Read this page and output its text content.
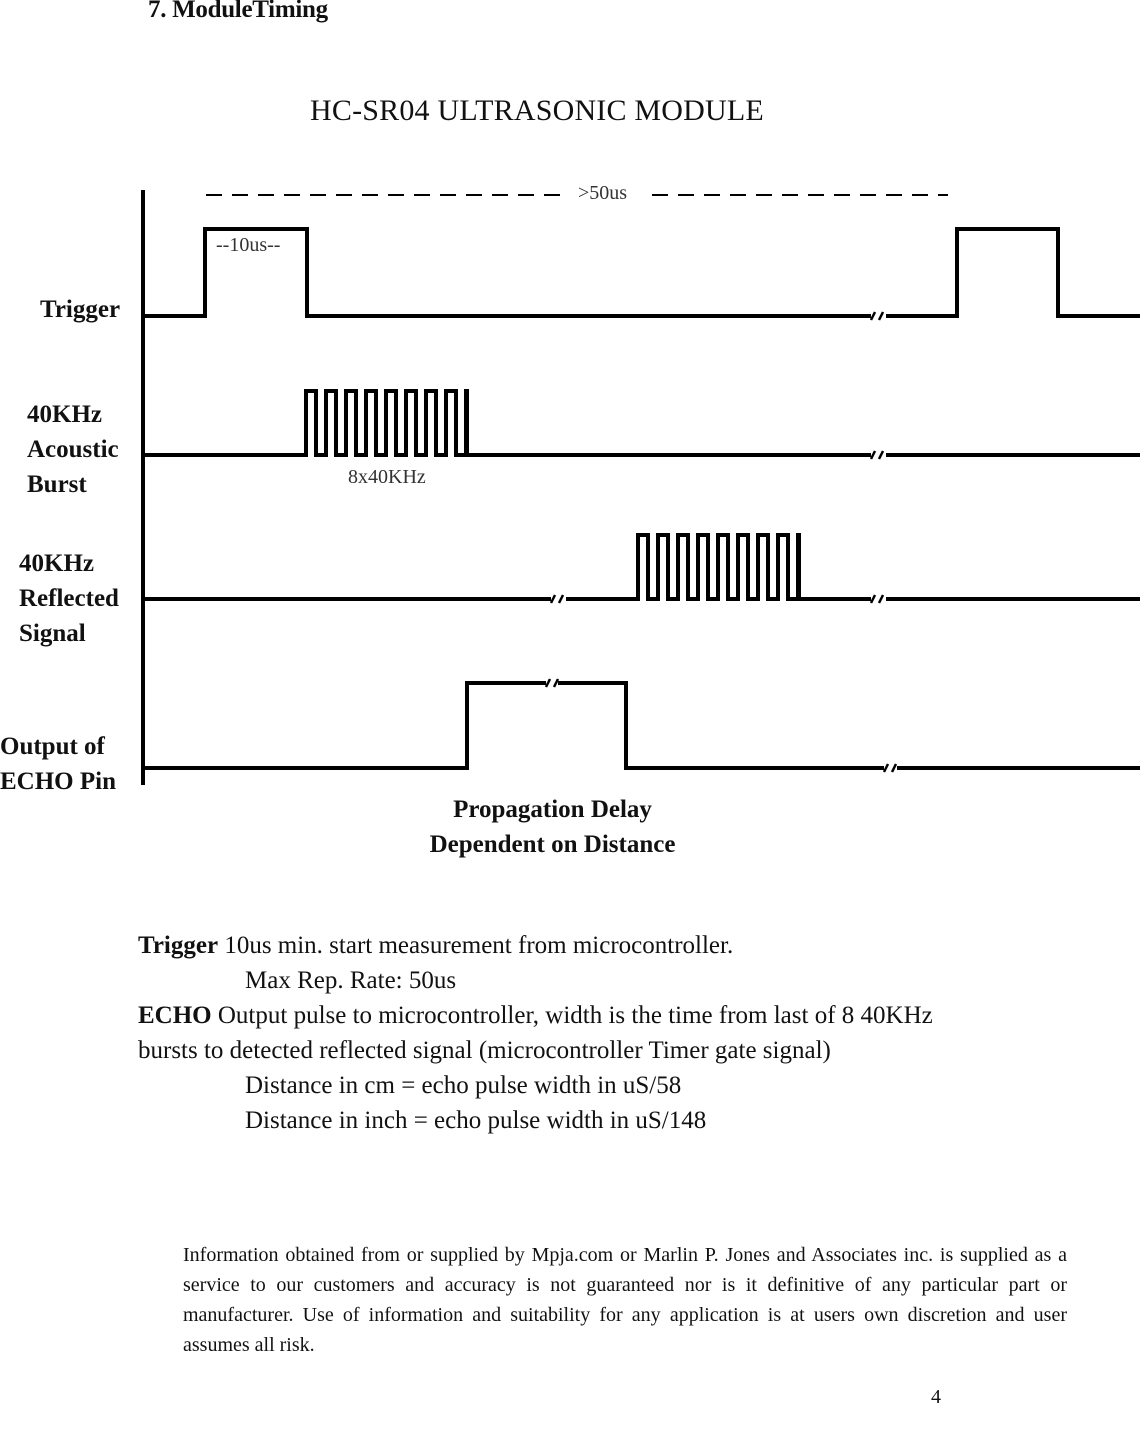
7. ModuleTiming
HC-SR04 ULTRASONIC MODULE
>50us
--10us--
8x40KHz
Trigger
40KHz
Acoustic
Burst
40KHz
Reflected
Signal
Output of
ECHO Pin
Propagation Delay
Dependent on Distance
Trigger 10us min. start measurement from microcontroller.
Max Rep. Rate: 50us
ECHO Output pulse to microcontroller, width is the time from last of 8 40KHz
bursts to detected reflected signal (microcontroller Timer gate signal)
Distance in cm = echo pulse width in uS/58
Distance in inch = echo pulse width in uS/148
Information obtained from or supplied by Mpja.com or Marlin P. Jones and Associates inc. is supplied as a service to our customers and accuracy is not guaranteed nor is it definitive of any particular part or manufacturer. Use of information and suitability for any application is at users own discretion and user assumes all risk.
4
